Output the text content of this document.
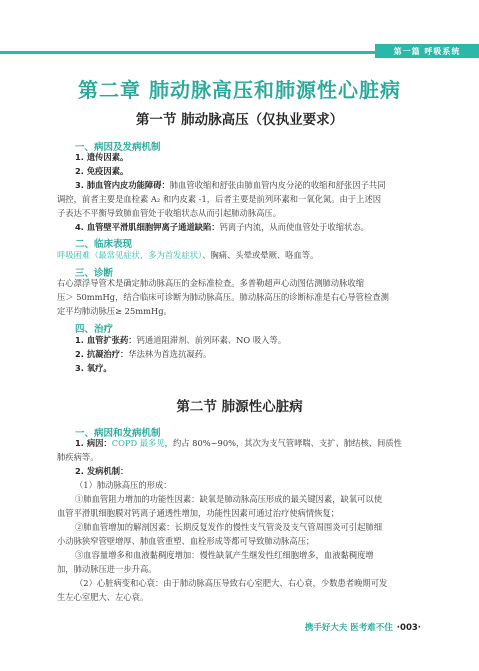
第一篇 呼吸系统
第二章 肺动脉高压和肺源性心脏病
第一节 肺动脉高压（仅执业要求）
一、病因及发病机制
1. 遗传因素。
2. 免疫因素。
3. 肺血管内皮功能障碍：肺血管收缩和舒张由肺血管内皮分泌的收缩和舒张因子共同
调控，前者主要是血栓素 A₂ 和内皮素 -1，后者主要是前列环素和一氧化氮。由于上述因
子表达不平衡导致肺血管处于收缩状态从而引起肺动脉高压。
4. 血管壁平滑肌细胞钾离子通道缺陷：钙离子内流，从而使血管处于收缩状态。
二、临床表现
呼吸困难（最常见症状，多为首发症状）、胸痛、头晕或晕厥、咯血等。
三、诊断
右心漂浮导管术是确定肺动脉高压的金标准检查。多普勒超声心动图估测肺动脉收缩
压＞ 50mmHg，结合临床可诊断为肺动脉高压。肺动脉高压的诊断标准是右心导管检查测
定平均肺动脉压≥ 25mmHg。
四、治疗
1. 血管扩张药：钙通道阻滞剂、前列环素、NO 吸入等。
2. 抗凝治疗：华法林为首选抗凝药。
3. 氧疗。
第二节 肺源性心脏病
一、病因和发病机制
1. 病因：COPD 最多见，约占 80%~90%，其次为支气管哮喘、支扩、肺结核、间质性
肺疾病等。
2. 发病机制：
（1）肺动脉高压的形成：
①肺血管阻力增加的功能性因素：缺氧是肺动脉高压形成的最关键因素，缺氧可以使
血管平滑肌细胞膜对钙离子通透性增加，功能性因素可通过治疗使病情恢复；
②肺血管增加的解剖因素：长期反复发作的慢性支气管炎及支气管周围炎可引起肺细
小动脉狭窄管壁增厚、肺血管重塑、血栓形成等都可导致肺动脉高压；
③血容量增多和血液黏稠度增加：慢性缺氧产生继发性红细胞增多，血液黏稠度增
加，肺动脉压进一步升高。
（2）心脏病变和心衰：由于肺动脉高压导致右心室肥大、右心衰，少数患者晚期可发
生左心室肥大、左心衰。
携手好大夫 医考难不住 ·003·
